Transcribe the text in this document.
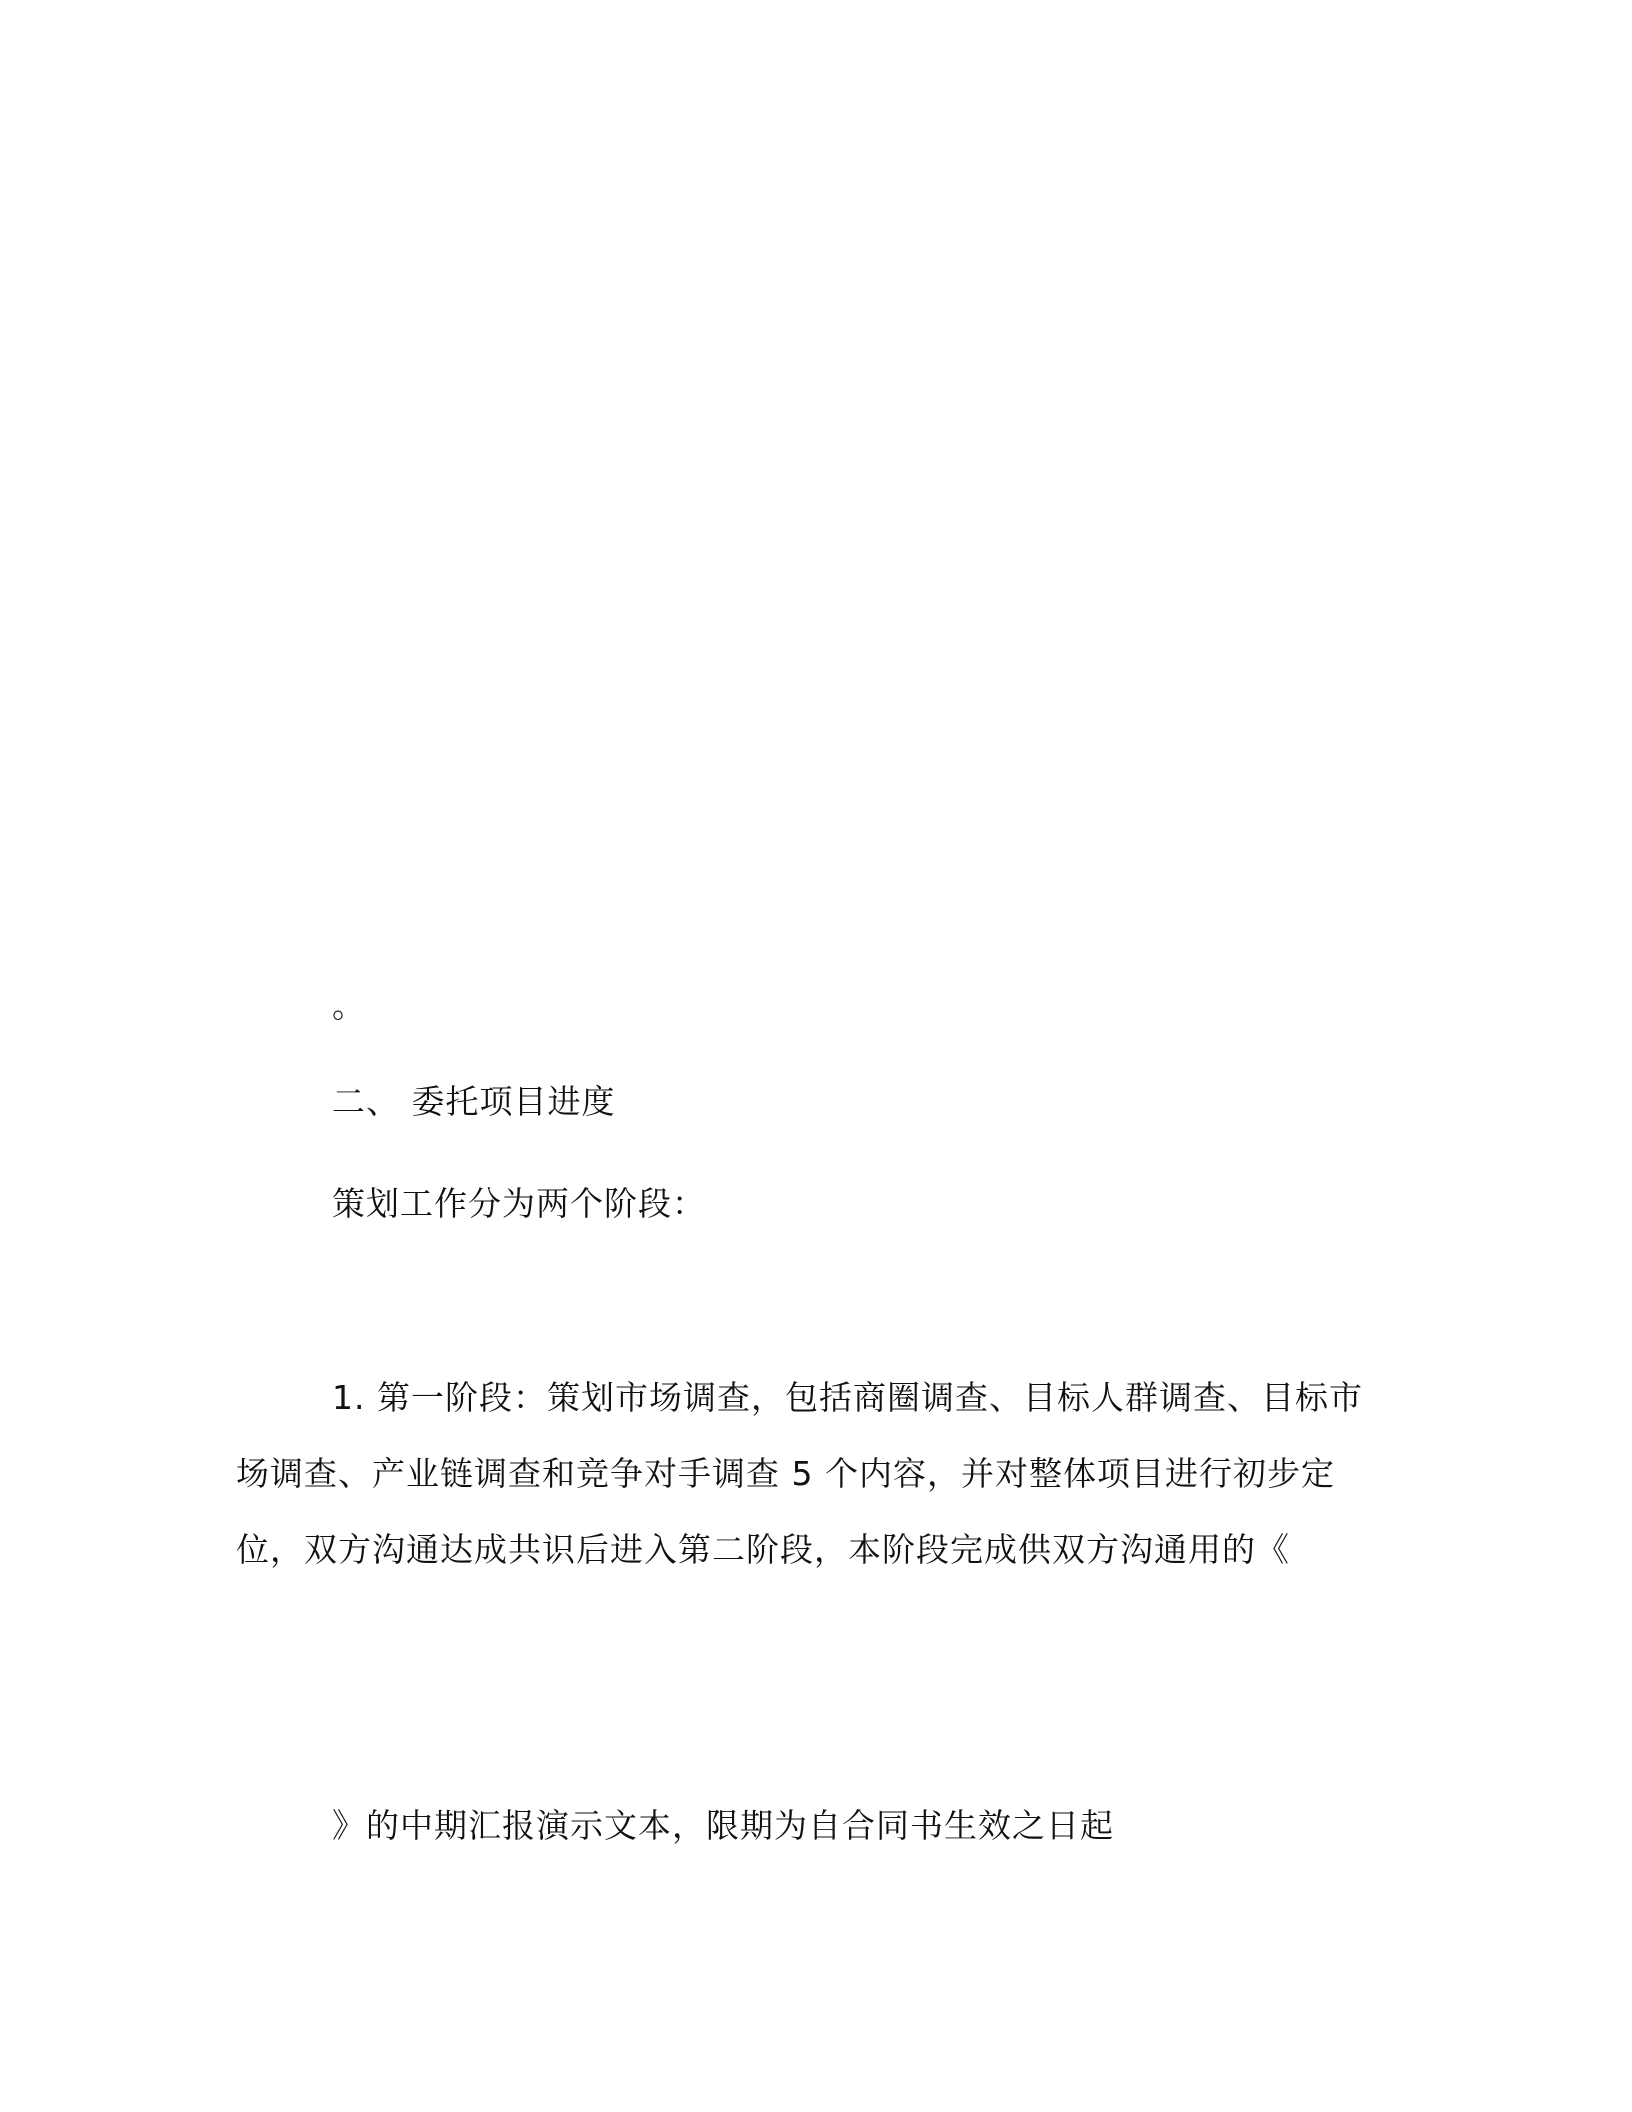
。
二、 委托项目进度
策划工作分为两个阶段：

1. 第一阶段：策划市场调查，包括商圈调查、目标人群调查、目标市场调查、产业链调查和竞争对手调查 5 个内容，并对整体项目进行初步定位，双方沟通达成共识后进入第二阶段，本阶段完成供双方沟通用的《

》的中期汇报演示文本，限期为自合同书生效之日起
